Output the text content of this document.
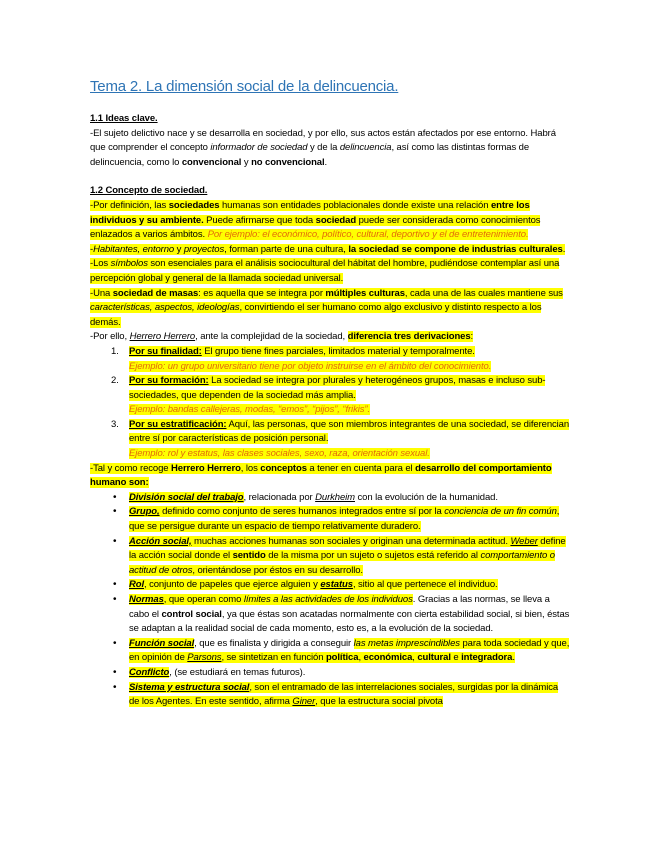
Tema 2. La dimensión social de la delincuencia.
1.1 Ideas clave.

-El sujeto delictivo nace y se desarrolla en sociedad, y por ello, sus actos están afectados por ese entorno. Habrá que comprender el concepto informador de sociedad y de la delincuencia, así como las distintas formas de delincuencia, como lo convencional y no convencional.

1.2 Concepto de sociedad.

-Por definición, las sociedades humanas son entidades poblacionales donde existe una relación entre los individuos y su ambiente. Puede afirmarse que toda sociedad puede ser considerada como conocimientos enlazados a varios ámbitos. Por ejemplo: el económico, político, cultural, deportivo y el de entretenimiento.

-Habitantes, entorno y proyectos, forman parte de una cultura, la sociedad se compone de industrias culturales.

-Los símbolos son esenciales para el análisis sociocultural del hábitat del hombre, pudiéndose contemplar así una percepción global y general de la llamada sociedad universal.

-Una sociedad de masas: es aquella que se integra por múltiples culturas, cada una de las cuales mantiene sus características, aspectos, ideologías, convirtiendo el ser humano como algo exclusivo y distinto respecto a los demás.

-Por ello, Herrero Herrero, ante la complejidad de la sociedad, diferencia tres derivaciones:

1. Por su finalidad: El grupo tiene fines parciales, limitados material y temporalmente.
Ejemplo: un grupo universitario tiene por objeto instruirse en el ámbito del conocimiento.
2. Por su formación: La sociedad se integra por plurales y heterogéneos grupos, masas e incluso sub-sociedades, que dependen de la sociedad más amplia.
Ejemplo: bandas callejeras, modas, “emos”, “pijos”, “frikis”.
3. Por su estratificación: Aquí, las personas, que son miembros integrantes de una sociedad, se diferencian entre sí por características de posición personal.
Ejemplo: rol y estatus, las clases sociales, sexo, raza, orientación sexual.

-Tal y como recoge Herrero Herrero, los conceptos a tener en cuenta para el desarrollo del comportamiento humano son:

• División social del trabajo, relacionada por Durkheim con la evolución de la humanidad.
• Grupo, definido como conjunto de seres humanos integrados entre sí por la conciencia de un fin común, que se persigue durante un espacio de tiempo relativamente duradero.
• Acción social, muchas acciones humanas son sociales y originan una determinada actitud. Weber define la acción social donde el sentido de la misma por un sujeto o sujetos está referido al comportamiento o actitud de otros, orientándose por éstos en su desarrollo.
• Rol, conjunto de papeles que ejerce alguien y estatus, sitio al que pertenece el individuo.
• Normas, que operan como límites a las actividades de los individuos. Gracias a las normas, se lleva a cabo el control social, ya que éstas son acatadas normalmente con cierta estabilidad social, si bien, éstas se adaptan a la realidad social de cada momento, esto es, a la evolución de la sociedad.
• Función social, que es finalista y dirigida a conseguir las metas imprescindibles para toda sociedad y que, en opinión de Parsons, se sintetizan en función política, económica, cultural e integradora.
• Conflicto, (se estudiará en temas futuros).
• Sistema y estructura social, son el entramado de las interrelaciones sociales, surgidas por la dinámica de los Agentes. En este sentido, afirma Giner, que la estructura social pivota
